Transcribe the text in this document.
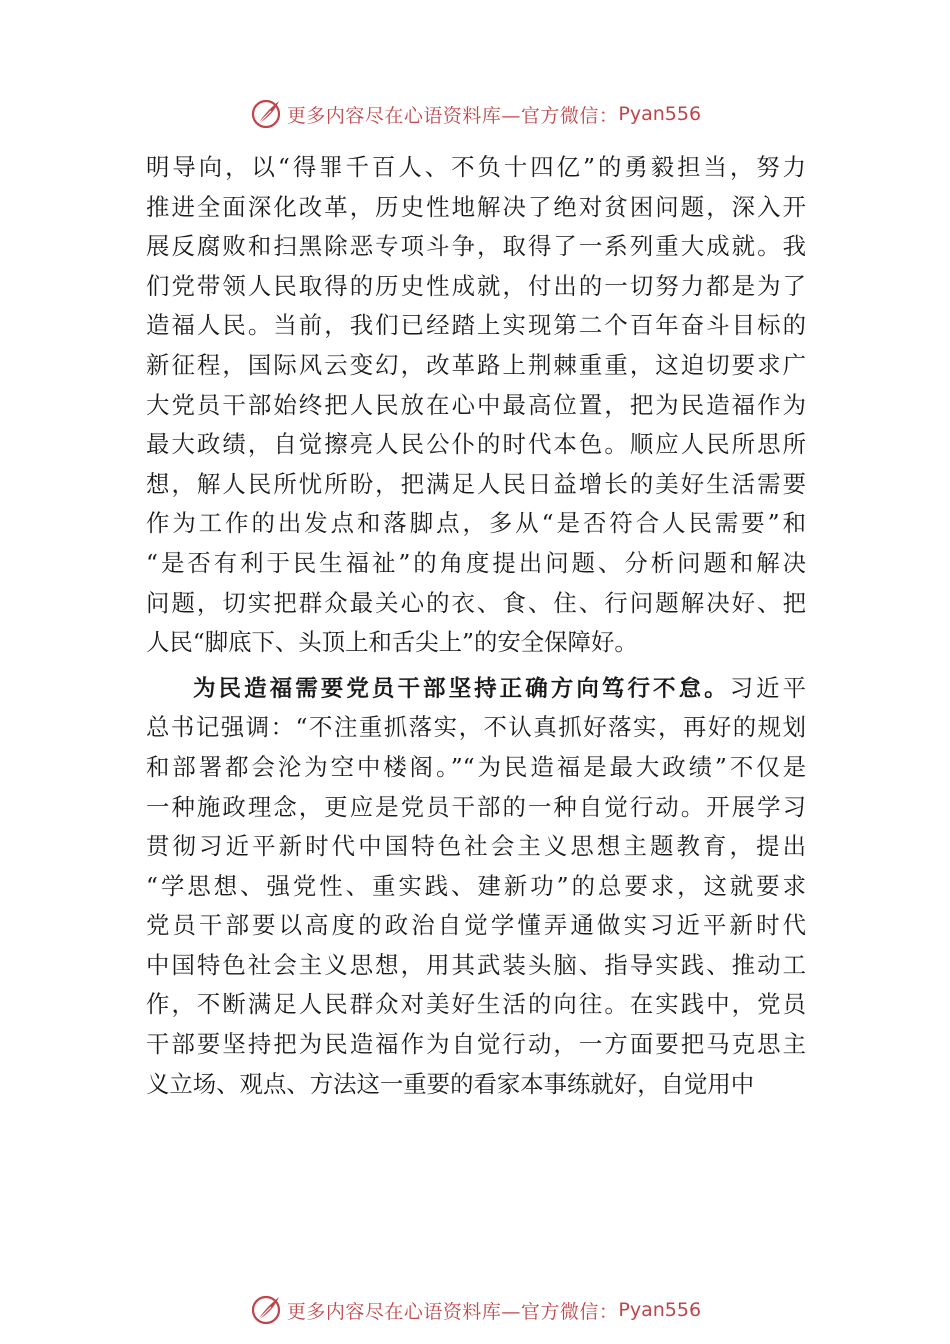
更多内容尽在心语资料库—官方微信： Pyan556
明导向，以“得罪千百人、不负十四亿”的勇毅担当，努力
推进全面深化改革，历史性地解决了绝对贫困问题，深入开
展反腐败和扫黑除恶专项斗争，取得了一系列重大成就。我
们党带领人民取得的历史性成就，付出的一切努力都是为了
造福人民。当前，我们已经踏上实现第二个百年奋斗目标的
新征程，国际风云变幻，改革路上荆棘重重，这迫切要求广
大党员干部始终把人民放在心中最高位置，把为民造福作为
最大政绩，自觉擦亮人民公仆的时代本色。顺应人民所思所
想，解人民所忧所盼，把满足人民日益增长的美好生活需要
作为工作的出发点和落脚点，多从“是否符合人民需要”和
“是否有利于民生福祉”的角度提出问题、分析问题和解决
问题，切实把群众最关心的衣、食、住、行问题解决好、把
人民“脚底下、头顶上和舌尖上”的安全保障好。
为民造福需要党员干部坚持正确方向笃行不怠。习近平
总书记强调：“不注重抓落实，不认真抓好落实，再好的规划
和部署都会沦为空中楼阁。”“为民造福是最大政绩”不仅是
一种施政理念，更应是党员干部的一种自觉行动。开展学习
贯彻习近平新时代中国特色社会主义思想主题教育，提出
“学思想、强党性、重实践、建新功”的总要求，这就要求
党员干部要以高度的政治自觉学懂弄通做实习近平新时代
中国特色社会主义思想，用其武装头脑、指导实践、推动工
作，不断满足人民群众对美好生活的向往。在实践中，党员
干部要坚持把为民造福作为自觉行动，一方面要把马克思主
义立场、观点、方法这一重要的看家本事练就好，自觉用中
更多内容尽在心语资料库—官方微信： Pyan556
